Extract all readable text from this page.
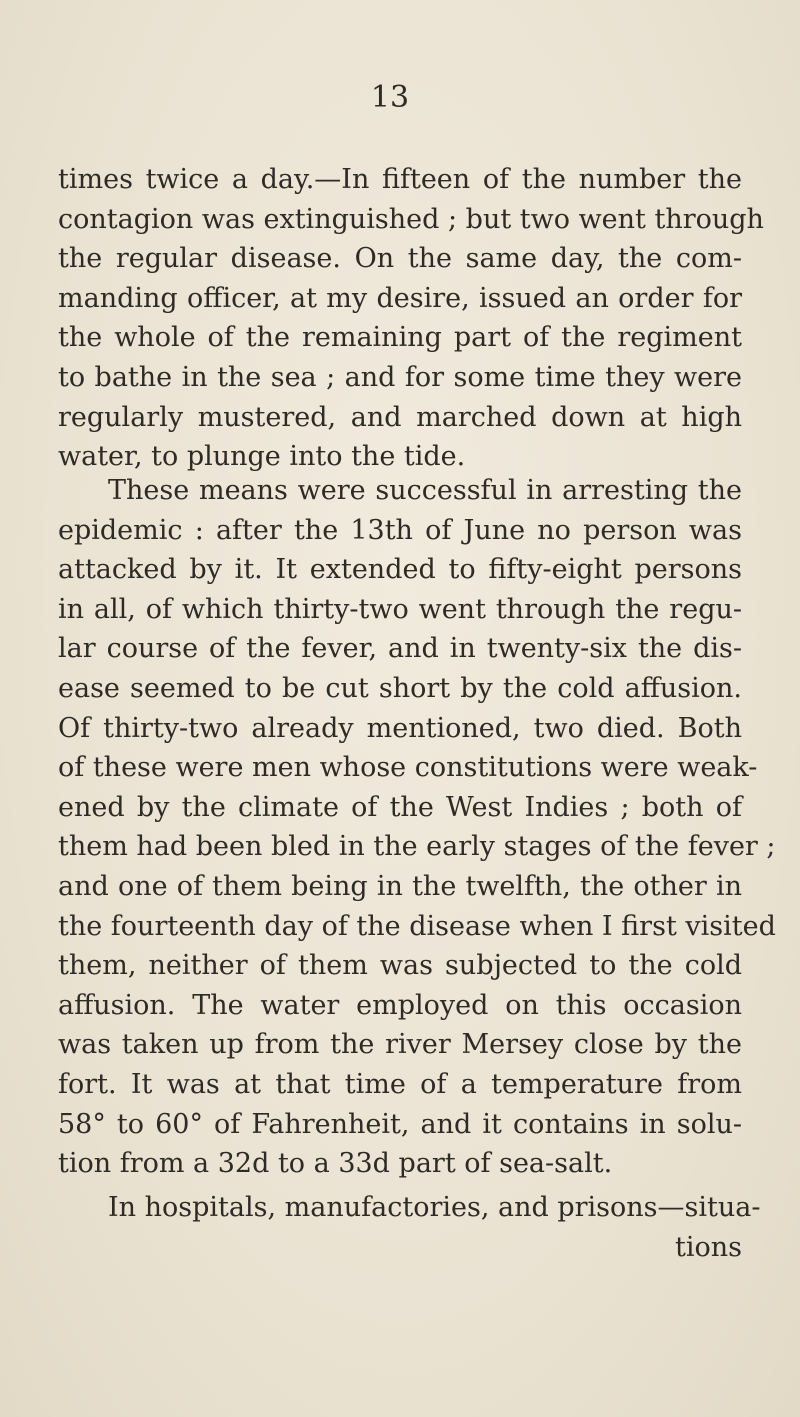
13
times twice a day.—In fifteen of the number the
contagion was extinguished ; but two went through
the regular disease. On the same day, the com-
manding officer, at my desire, issued an order for
the whole of the remaining part of the regiment
to bathe in the sea ; and for some time they were
regularly mustered, and marched down at high
water, to plunge into the tide.
These means were successful in arresting the
epidemic : after the 13th of June no person was
attacked by it. It extended to fifty-eight persons
in all, of which thirty-two went through the regu-
lar course of the fever, and in twenty-six the dis-
ease seemed to be cut short by the cold affusion.
Of thirty-two already mentioned, two died. Both
of these were men whose constitutions were weak-
ened by the climate of the West Indies ; both of
them had been bled in the early stages of the fever ;
and one of them being in the twelfth, the other in
the fourteenth day of the disease when I first visited
them, neither of them was subjected to the cold
affusion. The water employed on this occasion
was taken up from the river Mersey close by the
fort. It was at that time of a temperature from
58° to 60° of Fahrenheit, and it contains in solu-
tion from a 32d to a 33d part of sea-salt.
In hospitals, manufactories, and prisons—situa-
tions
